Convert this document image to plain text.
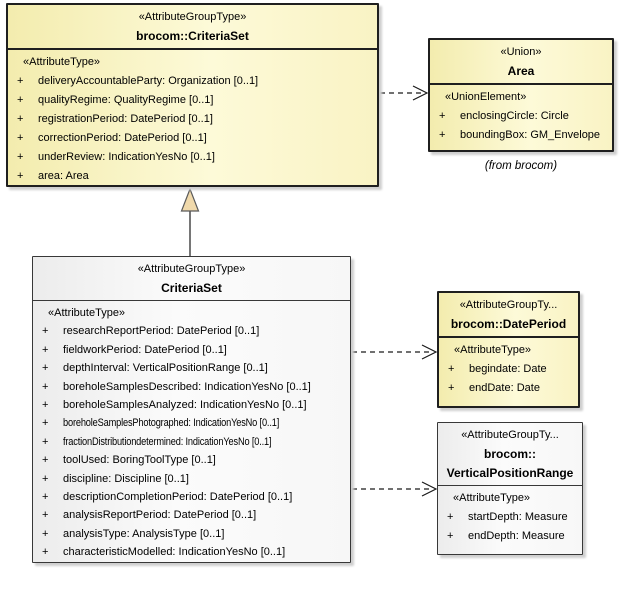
«AttributeGroupType»
brocom::CriteriaSet
«AttributeType»
+ deliveryAccountableParty: Organization [0..1]
+ qualityRegime: QualityRegime [0..1]
+ registrationPeriod: DatePeriod [0..1]
+ correctionPeriod: DatePeriod [0..1]
+ underReview: IndicationYesNo [0..1]
+ area: Area
«Union»
Area
«UnionElement»
+ enclosingCircle: Circle
+ boundingBox: GM_Envelope
(from brocom)
«AttributeGroupType»
CriteriaSet
«AttributeType»
+ researchReportPeriod: DatePeriod [0..1]
+ fieldworkPeriod: DatePeriod [0..1]
+ depthInterval: VerticalPositionRange [0..1]
+ boreholeSamplesDescribed: IndicationYesNo [0..1]
+ boreholeSamplesAnalyzed: IndicationYesNo [0..1]
+ boreholeSamplesPhotographed: IndicationYesNo [0..1]
+ fractionDistributiondetermined: IndicationYesNo [0..1]
+ toolUsed: BoringToolType [0..1]
+ discipline: Discipline [0..1]
+ descriptionCompletionPeriod: DatePeriod [0..1]
+ analysisReportPeriod: DatePeriod [0..1]
+ analysisType: AnalysisType [0..1]
+ characteristicModelled: IndicationYesNo [0..1]
«AttributeGroupTy...
brocom::DatePeriod
«AttributeType»
+ begindate: Date
+ endDate: Date
«AttributeGroupTy...
brocom::
VerticalPositionRange
«AttributeType»
+ startDepth: Measure
+ endDepth: Measure
